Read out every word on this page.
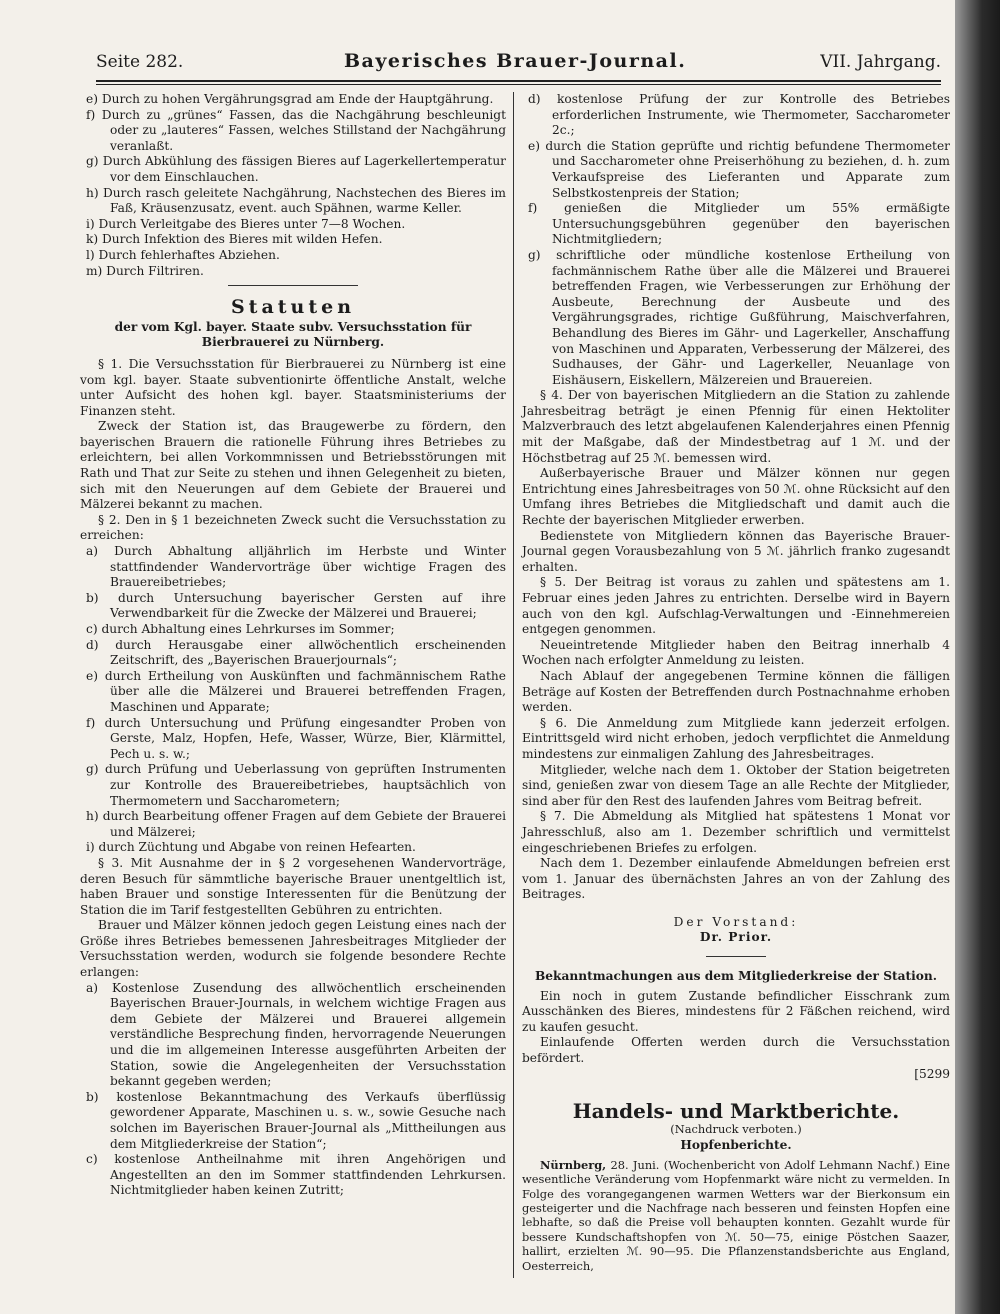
Seite 282.	Bayerisches Brauer-Journal.	VII. Jahrgang.

e) Durch zu hohen Vergährungsgrad am Ende der Hauptgährung.

f) Durch zu „grünes“ Fassen, das die Nachgährung beschleunigt oder zu „lauteres“ Fassen, welches Stillstand der Nachgährung veranlaßt.

g) Durch Abkühlung des fässigen Bieres auf Lagerkellertemperatur vor dem Einschlauchen.

h) Durch rasch geleitete Nachgährung, Nachstechen des Bieres im Faß, Kräusenzusatz, event. auch Späһnen, warme Keller.

i) Durch Verleitgabe des Bieres unter 7—8 Wochen.

k) Durch Infektion des Bieres mit wilden Hefen.

l) Durch fehlerhaftes Abziehen.

m) Durch Filtriren.

Statuten

der vom Kgl. bayer. Staate subv. Versuchsstation für Bierbrauerei zu Nürnberg.

§ 1. Die Versuchsstation für Bierbrauerei zu Nürnberg ist eine vom kgl. bayer. Staate subventionirte öffentliche Anstalt, welche unter Aufsicht des hohen kgl. bayer. Staatsministeriums der Finanzen steht.

Zweck der Station ist, das Braugewerbe zu fördern, den bayerischen Brauern die rationelle Führung ihres Betriebes zu erleichtern, bei allen Vorkommnissen und Betriebsstörungen mit Rath und That zur Seite zu stehen und ihnen Gelegenheit zu bieten, sich mit den Neuerungen auf dem Gebiete der Brauerei und Mälzerei bekannt zu machen.

§ 2. Den in § 1 bezeichneten Zweck sucht die Versuchsstation zu erreichen:

a) Durch Abhaltung alljährlich im Herbste und Winter stattfindender Wandervorträge über wichtige Fragen des Brauereibetriebes;

b) durch Untersuchung bayerischer Gersten auf ihre Verwendbarkeit für die Zwecke der Mälzerei und Brauerei;

c) durch Abhaltung eines Lehrkurses im Sommer;

d) durch Herausgabe einer allwöchentlich erscheinenden Zeitschrift, des „Bayerischen Brauerjournals“;

e) durch Ertheilung von Auskünften und fachmännischem Rathe über alle die Mälzerei und Brauerei betreffenden Fragen, Maschinen und Apparate;

f) durch Untersuchung und Prüfung eingesandter Proben von Gerste, Malz, Hopfen, Hefe, Wasser, Würze, Bier, Klärmittel, Pech u. s. w.;

g) durch Prüfung und Ueberlassung von geprüften Instrumenten zur Kontrolle des Brauereibetriebes, hauptsächlich von Thermometern und Saccharometern;

h) durch Bearbeitung offener Fragen auf dem Gebiete der Brauerei und Mälzerei;

i) durch Züchtung und Abgabe von reinen Hefearten.

§ 3. Mit Ausnahme der in § 2 vorgesehenen Wandervorträge, deren Besuch für sämmtliche bayerische Brauer unentgeltlich ist, haben Brauer und sonstige Interessenten für die Benützung der Station die im Tarif festgestellten Gebühren zu entrichten.

Brauer und Mälzer können jedoch gegen Leistung eines nach der Größe ihres Betriebes bemessenen Jahresbeitrages Mitglieder der Versuchsstation werden, wodurch sie folgende besondere Rechte erlangen:

a) Kostenlose Zusendung des allwöchentlich erscheinenden Bayerischen Brauer-Journals, in welchem wichtige Fragen aus dem Gebiete der Mälzerei und Brauerei allgemein verständliche Besprechung finden, hervorragende Neuerungen und die im allgemeinen Interesse ausgeführten Arbeiten der Station, sowie die Angelegenheiten der Versuchsstation bekannt gegeben werden;

b) kostenlose Bekanntmachung des Verkaufs überflüssig gewordener Apparate, Maschinen u. s. w., sowie Gesuche nach solchen im Bayerischen Brauer-Journal als „Mittheilungen aus dem Mitgliederkreise der Station“;

c) kostenlose Antheilnahme mit ihren Angehörigen und Angestellten an den im Sommer stattfindenden Lehrkursen. Nichtmitglieder haben keinen Zutritt;

d) kostenlose Prüfung der zur Kontrolle des Betriebes erforderlichen Instrumente, wie Thermometer, Saccharometer 2c.;

e) durch die Station geprüfte und richtig befundene Thermometer und Saccharometer ohne Preiserhöhung zu beziehen, d. h. zum Verkaufspreise des Lieferanten und Apparate zum Selbstkostenpreis der Station;

f) genießen die Mitglieder um 55% ermäßigte Untersuchungsgebühren gegenüber den bayerischen Nichtmitgliedern;

g) schriftliche oder mündliche kostenlose Ertheilung von fachmännischem Rathe über alle die Mälzerei und Brauerei betreffenden Fragen, wie Verbesserungen zur Erhöhung der Ausbeute, Berechnung der Ausbeute und des Vergährungsgrades, richtige Gußführung, Maischverfahren, Behandlung des Bieres im Gähr- und Lagerkeller, Anschaffung von Maschinen und Apparaten, Verbesserung der Mälzerei, des Sudhauses, der Gähr- und Lagerkeller, Neuanlage von Eishäusern, Eiskellern, Mälzereien und Brauereien.

§ 4. Der von bayerischen Mitgliedern an die Station zu zahlende Jahresbeitrag beträgt je einen Pfennig für einen Hektoliter Malzverbrauch des letzt abgelaufenen Kalenderjahres einen Pfennig mit der Maßgabe, daß der Mindestbetrag auf 1 ℳ. und der Höchstbetrag auf 25 ℳ. bemessen wird.

Außerbayerische Brauer und Mälzer können nur gegen Entrichtung eines Jahresbeitrages von 50 ℳ. ohne Rücksicht auf den Umfang ihres Betriebes die Mitgliedschaft und damit auch die Rechte der bayerischen Mitglieder erwerben.

Bedienstete von Mitgliedern können das Bayerische Brauer-Journal gegen Vorausbezahlung von 5 ℳ. jährlich franko zugesandt erhalten.

§ 5. Der Beitrag ist voraus zu zahlen und spätestens am 1. Februar eines jeden Jahres zu entrichten. Derselbe wird in Bayern auch von den kgl. Aufschlag-Verwaltungen und -Einnehmereien entgegen genommen.

Neueintretende Mitglieder haben den Beitrag innerhalb 4 Wochen nach erfolgter Anmeldung zu leisten.

Nach Ablauf der angegebenen Termine können die fälligen Beträge auf Kosten der Betreffenden durch Postnachnahme erhoben werden.

§ 6. Die Anmeldung zum Mitgliede kann jederzeit erfolgen. Eintrittsgeld wird nicht erhoben, jedoch verpflichtet die Anmeldung mindestens zur einmaligen Zahlung des Jahresbeitrages.

Mitglieder, welche nach dem 1. Oktober der Station beigetreten sind, genießen zwar von diesem Tage an alle Rechte der Mitglieder, sind aber für den Rest des laufenden Jahres vom Beitrag befreit.

§ 7. Die Abmeldung als Mitglied hat spätestens 1 Monat vor Jahresschluß, also am 1. Dezember schriftlich und vermittelst eingeschriebenen Briefes zu erfolgen.

Nach dem 1. Dezember einlaufende Abmeldungen befreien erst vom 1. Januar des übernächsten Jahres an von der Zahlung des Beitrages.

Der Vorstand:
Dr. Prior.

Bekanntmachungen aus dem Mitgliederkreise der Station.

Ein noch in gutem Zustande befindlicher Eisschrank zum Ausschänken des Bieres, mindestens für 2 Fäßchen reichend, wird zu kaufen gesucht.

Einlaufende Offerten werden durch die Versuchsstation befördert.

[5299

Handels- und Marktberichte.

(Nachdruck verboten.)

Hopfenberichte.

Nürnberg, 28. Juni. (Wochenbericht von Adolf Lehmann Nachf.) Eine wesentliche Veränderung vom Hopfenmarkt wäre nicht zu vermelden. In Folge des vorangegangenen warmen Wetters war der Bierkonsum ein gesteigerter und die Nachfrage nach besseren und feinsten Hopfen eine lebhafte, so daß die Preise voll behaupten konnten. Gezahlt wurde für bessere Kundschaftshopfen von ℳ. 50—75, einige Pöstchen Saazer, hallirt, erzielten ℳ. 90—95. Die Pflanzenstandsberichte aus England, Oesterreich,
